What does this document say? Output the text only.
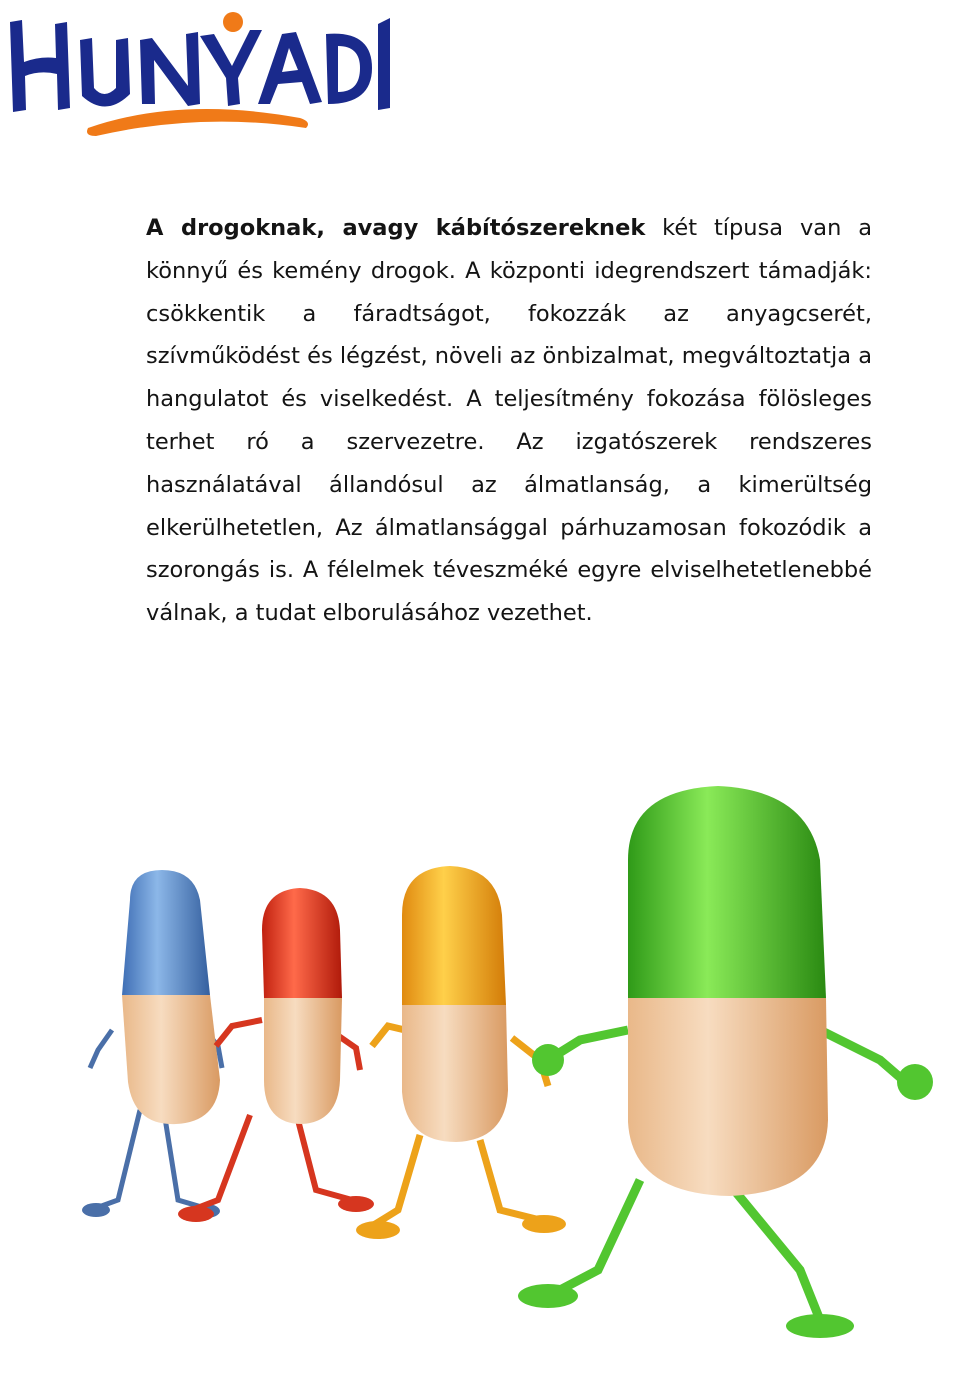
A drogoknak, avagy kábítószereknek két típusa van a könnyű és kemény drogok. A központi idegrendszert támadják: csökkentik a fáradtságot, fokozzák az anyagcserét, szívműködést és légzést, növeli az önbizalmat, megváltoztatja a hangulatot és viselkedést. A teljesítmény fokozása fölösleges terhet ró a szervezetre. Az izgatószerek rendszeres használatával állandósul az álmatlanság, a kimerültség elkerülhetetlen, Az álmatlansággal párhuzamosan fokozódik a szorongás is. A félelmek téveszméké egyre elviselhetetlenebbé válnak, a tudat elborulásához vezethet.
